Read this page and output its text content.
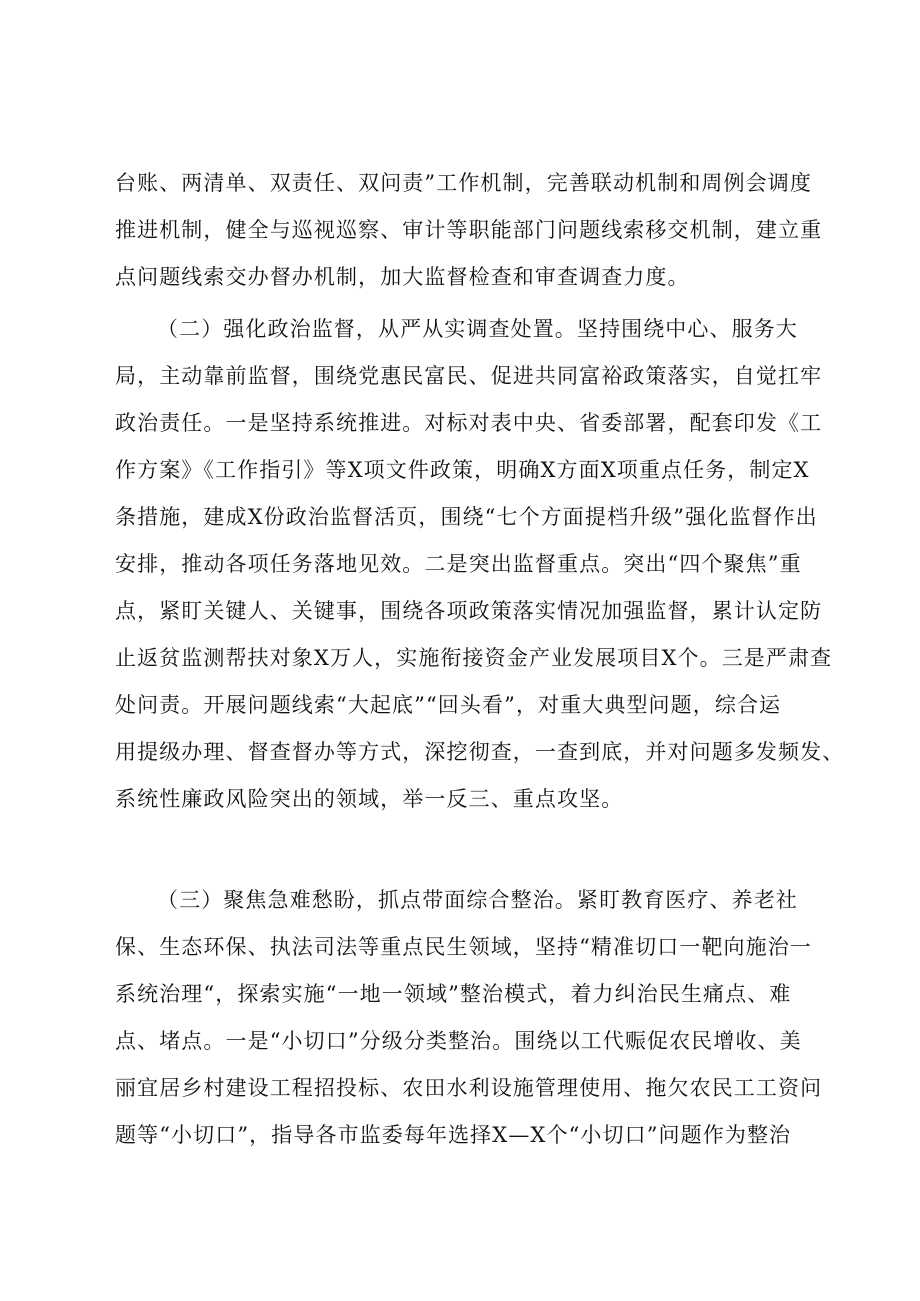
台账、两清单、双责任、双问责”工作机制，完善联动机制和周例会调度
推进机制，健全与巡视巡察、审计等职能部门问题线索移交机制，建立重
点问题线索交办督办机制，加大监督检查和审查调查力度。
（二）强化政治监督，从严从实调查处置。坚持围绕中心、服务大
局，主动靠前监督，围绕党惠民富民、促进共同富裕政策落实，自觉扛牢
政治责任。一是坚持系统推进。对标对表中央、省委部署，配套印发《工
作方案》《工作指引》等X项文件政策，明确X方面X项重点任务，制定X
条措施，建成X份政治监督活页，围绕“七个方面提档升级”强化监督作出
安排，推动各项任务落地见效。二是突出监督重点。突出“四个聚焦”重
点，紧盯关键人、关键事，围绕各项政策落实情况加强监督，累计认定防
止返贫监测帮扶对象X万人，实施衔接资金产业发展项目X个。三是严肃查
处问责。开展问题线索“大起底”“回头看”，对重大典型问题，综合运
用提级办理、督查督办等方式，深挖彻查，一查到底，并对问题多发频发、
系统性廉政风险突出的领域，举一反三、重点攻坚。
（三）聚焦急难愁盼，抓点带面综合整治。紧盯教育医疗、养老社
保、生态环保、执法司法等重点民生领域，坚持“精准切口一靶向施治一
系统治理“，探索实施“一地一领域”整治模式，着力纠治民生痛点、难
点、堵点。一是“小切口”分级分类整治。围绕以工代赈促农民增收、美
丽宜居乡村建设工程招投标、农田水利设施管理使用、拖欠农民工工资问
题等“小切口”，指导各市监委每年选择X—X个“小切口”问题作为整治
